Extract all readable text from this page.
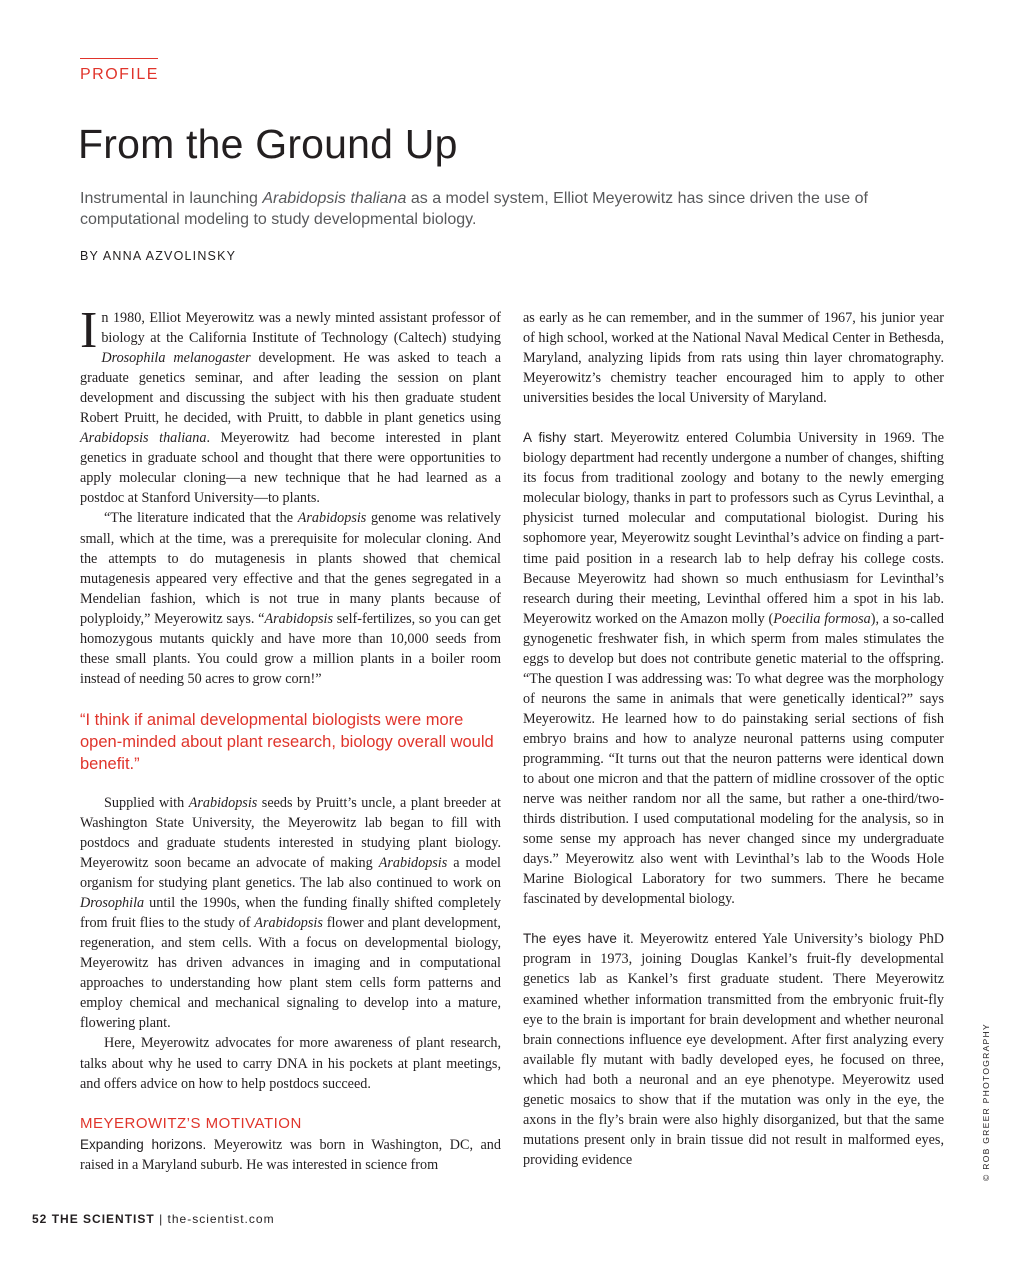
PROFILE
From the Ground Up
Instrumental in launching Arabidopsis thaliana as a model system, Elliot Meyerowitz has since driven the use of computational modeling to study developmental biology.
BY ANNA AZVOLINSKY

In 1980, Elliot Meyerowitz was a newly minted assistant professor of biology at the California Institute of Technology (Caltech) studying Drosophila melanogaster development. He was asked to teach a graduate genetics seminar, and after leading the session on plant development and discussing the subject with his then graduate student Robert Pruitt, he decided, with Pruitt, to dabble in plant genetics using Arabidopsis thaliana. Meyerowitz had become interested in plant genetics in graduate school and thought that there were opportunities to apply molecular cloning—a new technique that he had learned as a postdoc at Stanford University—to plants.

“The literature indicated that the Arabidopsis genome was relatively small, which at the time, was a prerequisite for molecular cloning. And the attempts to do mutagenesis in plants showed that chemical mutagenesis appeared very effective and that the genes segregated in a Mendelian fashion, which is not true in many plants because of polyploidy,” Meyerowitz says. “Arabidopsis self-fertilizes, so you can get homozygous mutants quickly and have more than 10,000 seeds from these small plants. You could grow a million plants in a boiler room instead of needing 50 acres to grow corn!”

“I think if animal developmental biologists were more open-minded about plant research, biology overall would benefit.”

Supplied with Arabidopsis seeds by Pruitt’s uncle, a plant breeder at Washington State University, the Meyerowitz lab began to fill with postdocs and graduate students interested in studying plant biology. Meyerowitz soon became an advocate of making Arabidopsis a model organism for studying plant genetics. The lab also continued to work on Drosophila until the 1990s, when the funding finally shifted completely from fruit flies to the study of Arabidopsis flower and plant development, regeneration, and stem cells. With a focus on developmental biology, Meyerowitz has driven advances in imaging and in computational approaches to understanding how plant stem cells form patterns and employ chemical and mechanical signaling to develop into a mature, flowering plant.

Here, Meyerowitz advocates for more awareness of plant research, talks about why he used to carry DNA in his pockets at plant meetings, and offers advice on how to help postdocs succeed.

MEYEROWITZ’S MOTIVATION

Expanding horizons. Meyerowitz was born in Washington, DC, and raised in a Maryland suburb. He was interested in science from

as early as he can remember, and in the summer of 1967, his junior year of high school, worked at the National Naval Medical Center in Bethesda, Maryland, analyzing lipids from rats using thin layer chromatography. Meyerowitz’s chemistry teacher encouraged him to apply to other universities besides the local University of Maryland.

A fishy start. Meyerowitz entered Columbia University in 1969. The biology department had recently undergone a number of changes, shifting its focus from traditional zoology and botany to the newly emerging molecular biology, thanks in part to professors such as Cyrus Levinthal, a physicist turned molecular and computational biologist. During his sophomore year, Meyerowitz sought Levinthal’s advice on finding a part-time paid position in a research lab to help defray his college costs. Because Meyerowitz had shown so much enthusiasm for Levinthal’s research during their meeting, Levinthal offered him a spot in his lab. Meyerowitz worked on the Amazon molly (Poecilia formosa), a so-called gynogenetic freshwater fish, in which sperm from males stimulates the eggs to develop but does not contribute genetic material to the offspring. “The question I was addressing was: To what degree was the morphology of neurons the same in animals that were genetically identical?” says Meyerowitz. He learned how to do painstaking serial sections of fish embryo brains and how to analyze neuronal patterns using computer programming. “It turns out that the neuron patterns were identical down to about one micron and that the pattern of midline crossover of the optic nerve was neither random nor all the same, but rather a one-third/two-thirds distribution. I used computational modeling for the analysis, so in some sense my approach has never changed since my undergraduate days.” Meyerowitz also went with Levinthal’s lab to the Woods Hole Marine Biological Laboratory for two summers. There he became fascinated by developmental biology.

The eyes have it. Meyerowitz entered Yale University’s biology PhD program in 1973, joining Douglas Kankel’s fruit-fly developmental genetics lab as Kankel’s first graduate student. There Meyerowitz examined whether information transmitted from the embryonic fruit-fly eye to the brain is important for brain development and whether neuronal brain connections influence eye development. After first analyzing every available fly mutant with badly developed eyes, he focused on three, which had both a neuronal and an eye phenotype. Meyerowitz used genetic mosaics to show that if the mutation was only in the eye, the axons in the fly’s brain were also highly disorganized, but that the same mutations present only in brain tissue did not result in malformed eyes, providing evidence

52 THE SCIENTIST | the-scientist.com
© ROB GREER PHOTOGRAPHY
